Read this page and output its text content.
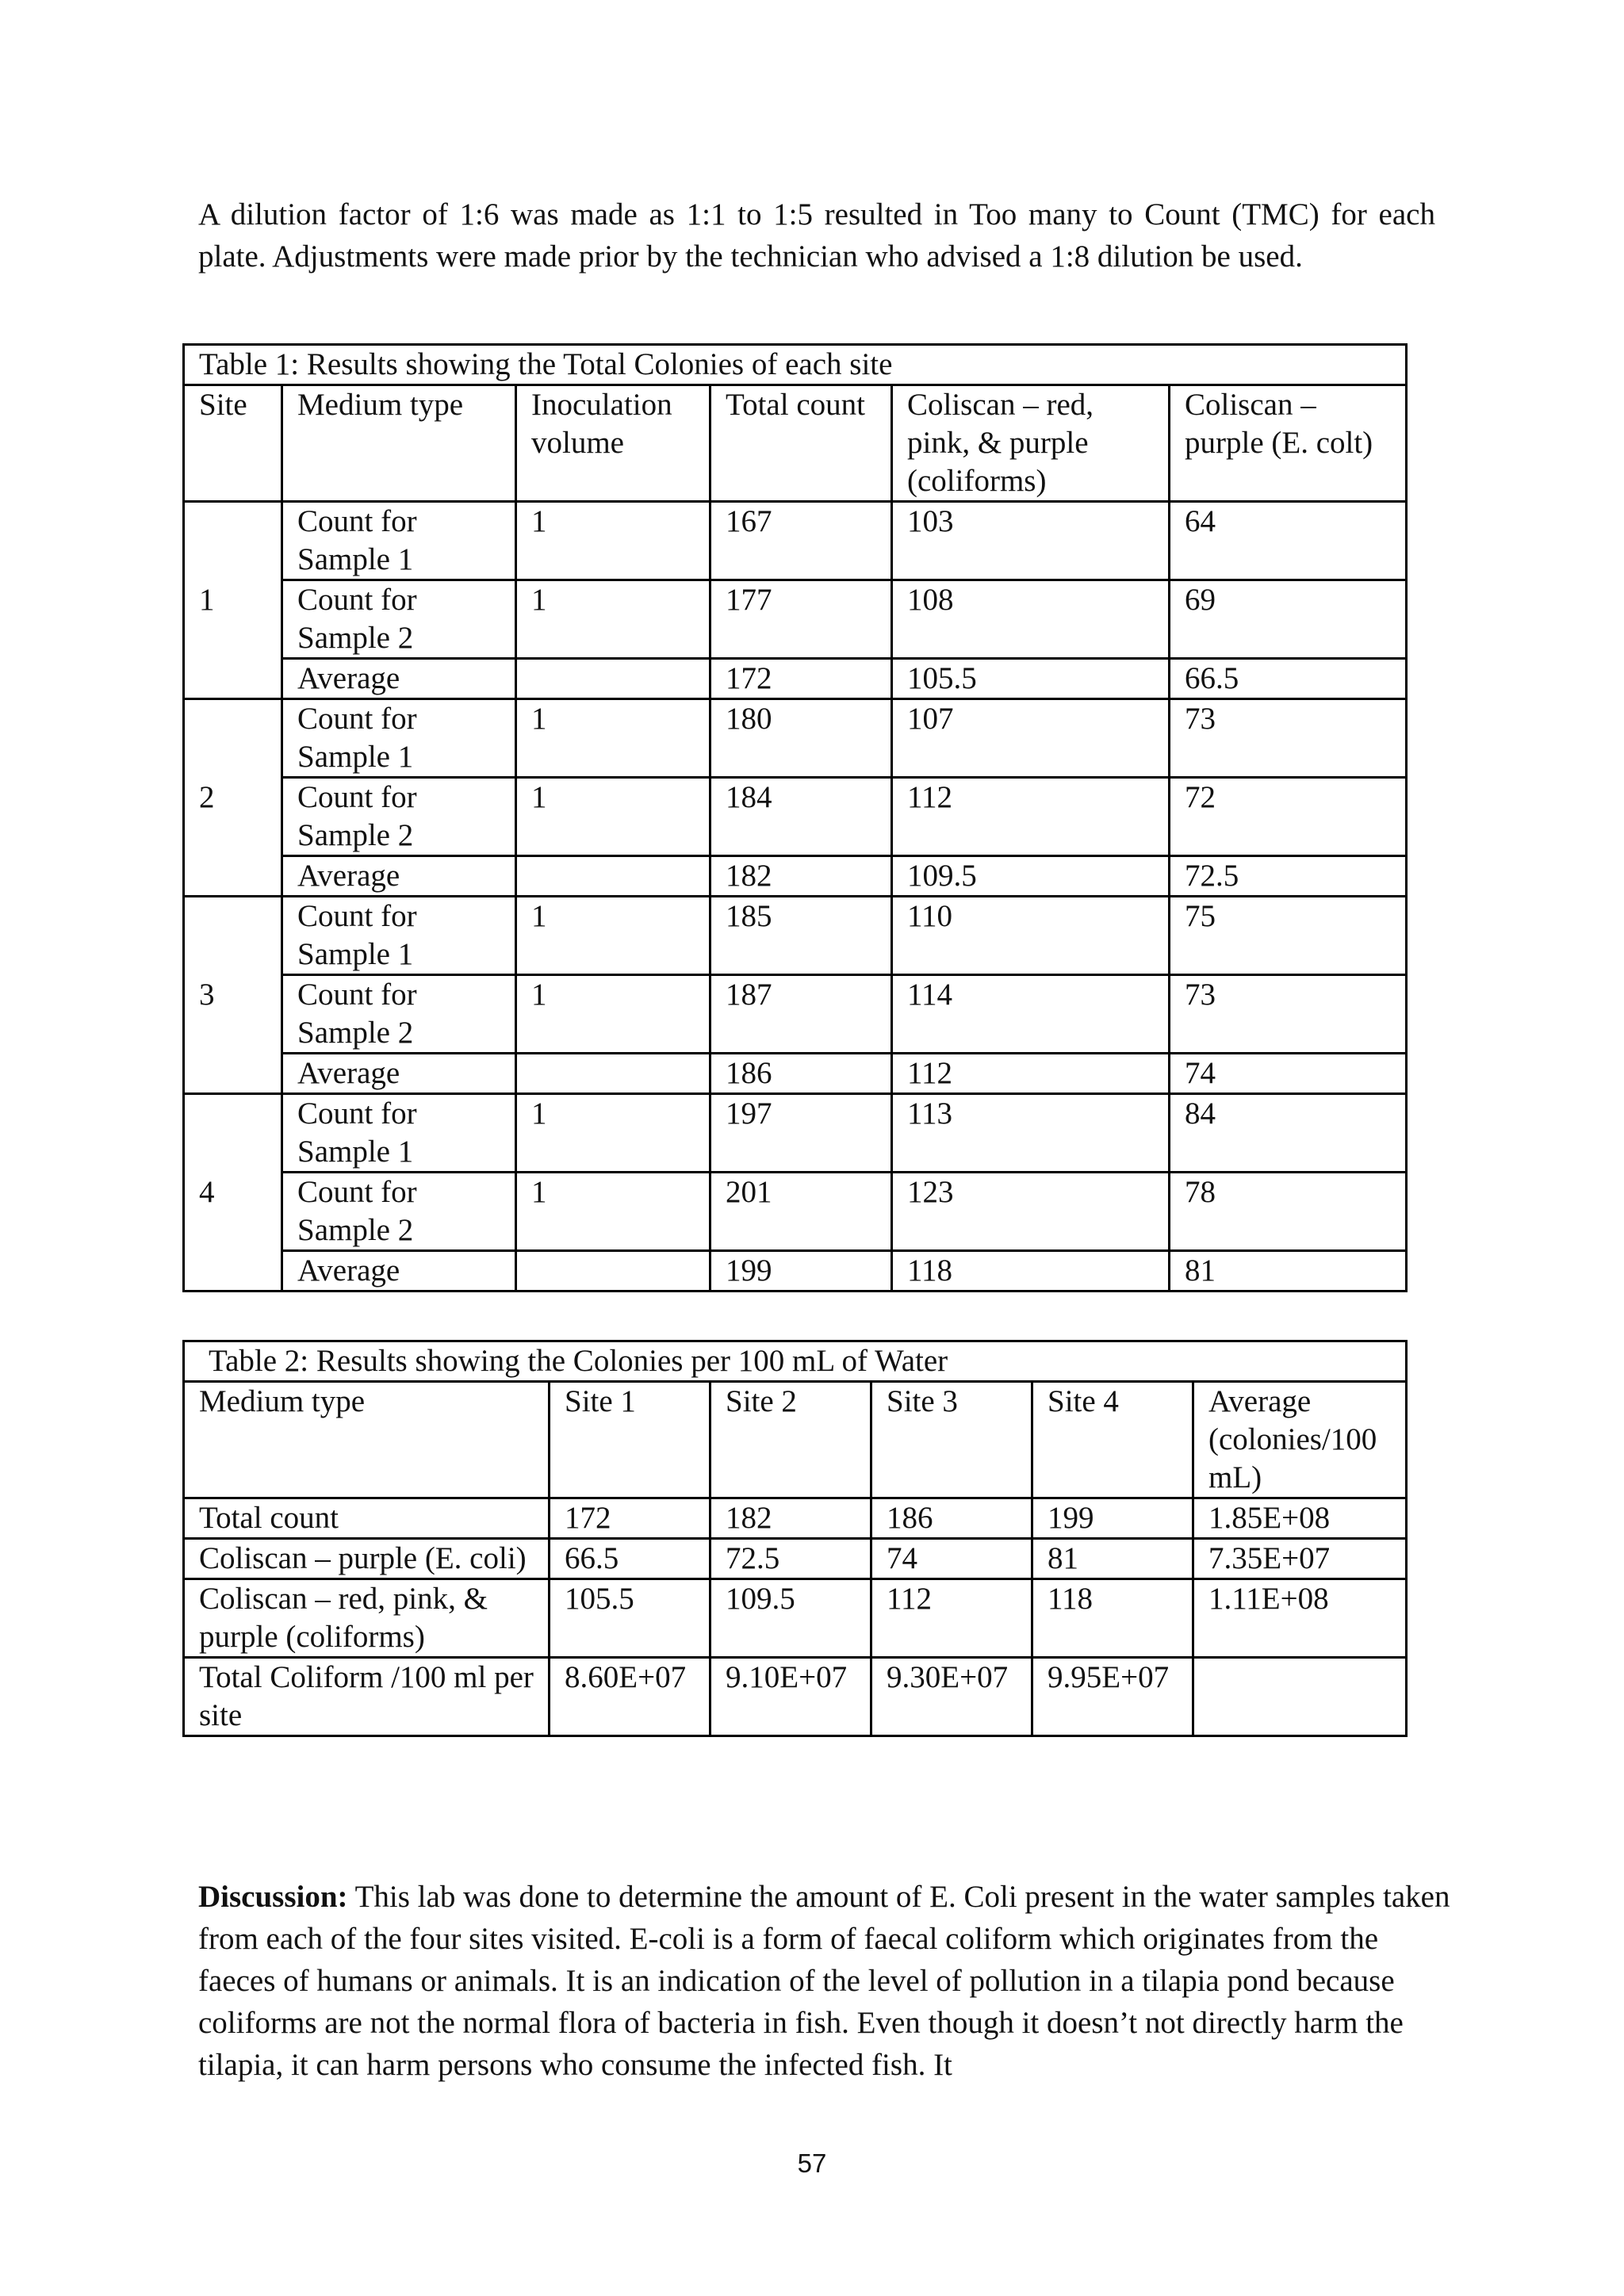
A dilution factor of 1:6 was made as 1:1 to 1:5 resulted in Too many to Count (TMC) for each plate. Adjustments were made prior by the technician who advised a 1:8 dilution be used.

Table 1: Results showing the Total Colonies of each site					
Site	Medium type	Inoculation volume	Total count	Coliscan – red, pink, & purple (coliforms)	Coliscan – purple (E. colt)
1	Count for Sample 1	1	167	103	64
	Count for Sample 2	1	177	108	69
	Average		172	105.5	66.5
2	Count for Sample 1	1	180	107	73
	Count for Sample 2	1	184	112	72
	Average		182	109.5	72.5
3	Count for Sample 1	1	185	110	75
	Count for Sample 2	1	187	114	73
	Average		186	112	74
4	Count for Sample 1	1	197	113	84
	Count for Sample 2	1	201	123	78
	Average		199	118	81
Table 2: Results showing the Colonies per 100 mL of Water					
Medium type	Site 1	Site 2	Site 3	Site 4	Average (colonies/100 mL)
Total count	172	182	186	199	1.85E+08
Coliscan – purple (E. coli)	66.5	72.5	74	81	7.35E+07
Coliscan – red, pink, & purple (coliforms)	105.5	109.5	112	118	1.11E+08
Total Coliform /100 ml per site	8.60E+07	9.10E+07	9.30E+07	9.95E+07	

Discussion: This lab was done to determine the amount of E. Coli present in the water samples taken from each of the four sites visited. E-coli is a form of faecal coliform which originates from the faeces of humans or animals. It is an indication of the level of pollution in a tilapia pond because coliforms are not the normal flora of bacteria in fish. Even though it doesn’t not directly harm the tilapia, it can harm persons who consume the infected fish. It

57
